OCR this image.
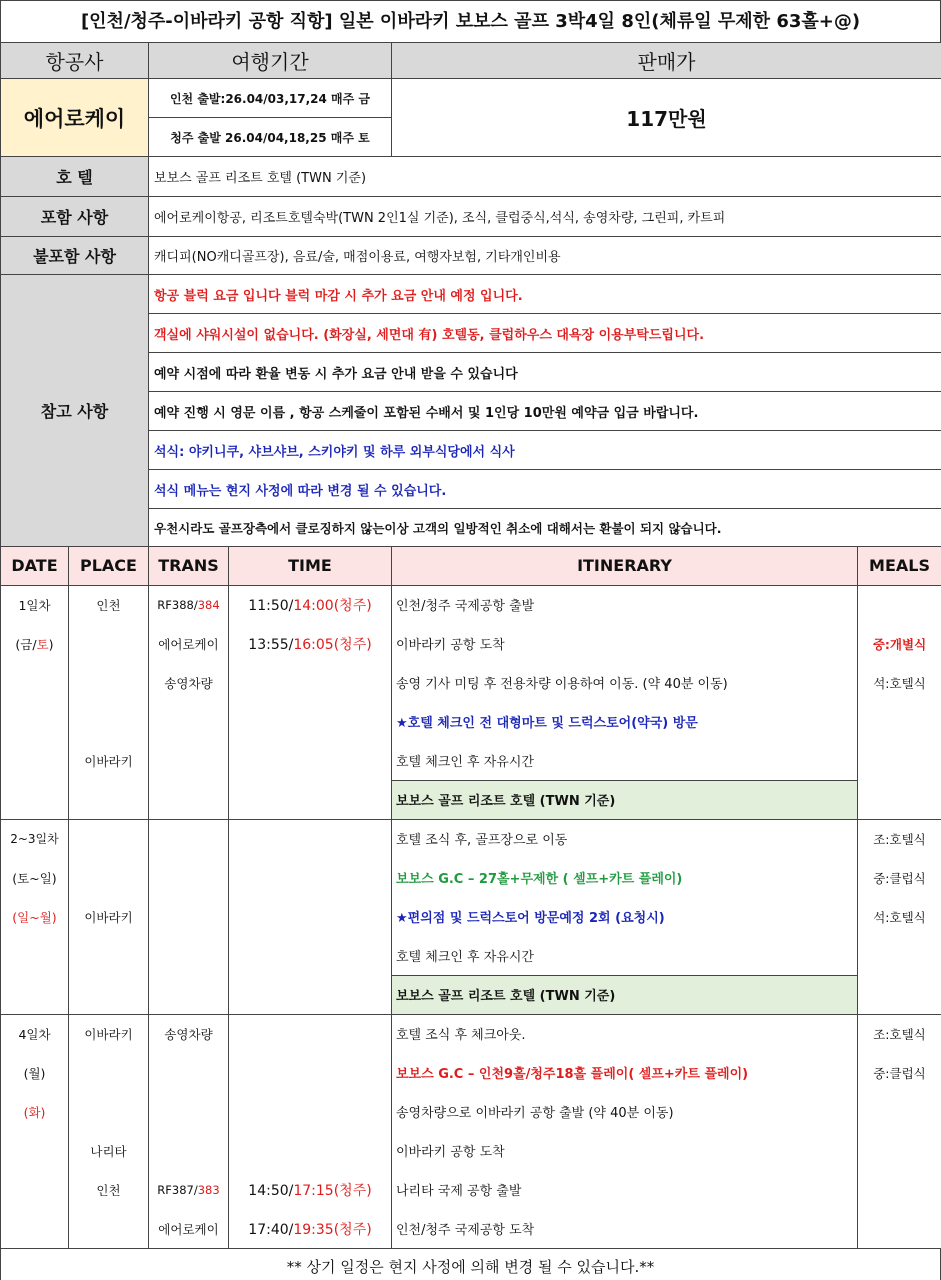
[인천/청주-이바라키 공항 직항] 일본 이바라키 보보스 골프 3박4일 8인(체류일 무제한 63홀+@)
항공사	여행기간	판매가
에어로케이	인천 출발:26.04/03,17,24 매주 금	117만원
	청주 출발 26.04/04,18,25 매주 토	
호 텔	보보스 골프 리조트 호텔 (TWN 기준)	
포함 사항	에어로케이항공, 리조트호텔숙박(TWN 2인1실 기준), 조식, 클럽중식,석식, 송영차량, 그린피, 카트피	
불포함 사항	캐디피(NO캐디골프장), 음료/술, 매점이용료, 여행자보험, 기타개인비용	
참고 사항	항공 블럭 요금 입니다 블럭 마감 시 추가 요금 안내 예정 입니다.	
	객실에 샤워시설이 없습니다. (화장실, 세면대 有) 호텔동, 클럽하우스 대욕장 이용부탁드립니다.	
	예약 시점에 따라 환율 변동 시 추가 요금 안내 받을 수 있습니다	
	예약 진행 시 영문 이름 , 항공 스케줄이 포함된 수배서 및 1인당 10만원 예약금 입금 바랍니다.	
	석식: 야키니쿠, 샤브샤브, 스키야키 및 하루 외부식당에서 식사	
	석식 메뉴는 현지 사정에 따라 변경 될 수 있습니다.	
	우천시라도 골프장측에서 클로징하지 않는이상 고객의 일방적인 취소에 대해서는 환불이 되지 않습니다.	
DATE	PLACE	TRANS	TIME	ITINERARY	MEALS
1일차	인천	RF388/384	11:50/14:00(청주)	인천/청주 국제공항 출발	
(금/토)		에어로케이	13:55/16:05(청주)	이바라키 공항 도착	중:개별식
		송영차량		송영 기사 미팅 후 전용차량 이용하여 이동. (약 40분 이동)	석:호텔식
				★호텔 체크인 전 대형마트 및 드럭스토어(약국) 방문	
	이바라키			호텔 체크인 후 자유시간	
				보보스 골프 리조트 호텔 (TWN 기준)	
2~3일차				호텔 조식 후, 골프장으로 이동	조:호텔식
(토~일)				보보스 G.C – 27홀+무제한 ( 셀프+카트 플레이)	중:클럽식
(일~월)	이바라키			★편의점 및 드럭스토어 방문예정 2회 (요청시)	석:호텔식
				호텔 체크인 후 자유시간	
				보보스 골프 리조트 호텔 (TWN 기준)	
4일차	이바라키	송영차량		호텔 조식 후 체크아웃.	조:호텔식
(월)				보보스 G.C – 인천9홀/청주18홀 플레이( 셀프+카트 플레이)	중:클럽식
(화)				송영차량으로 이바라키 공항 출발 (약 40분 이동)	
	나리타			이바라키 공항 도착	
	인천	RF387/383	14:50/17:15(청주)	나리타 국제 공항 출발	
		에어로케이	17:40/19:35(청주)	인천/청주 국제공항 도착	
** 상기 일정은 현지 사정에 의해 변경 될 수 있습니다.**
